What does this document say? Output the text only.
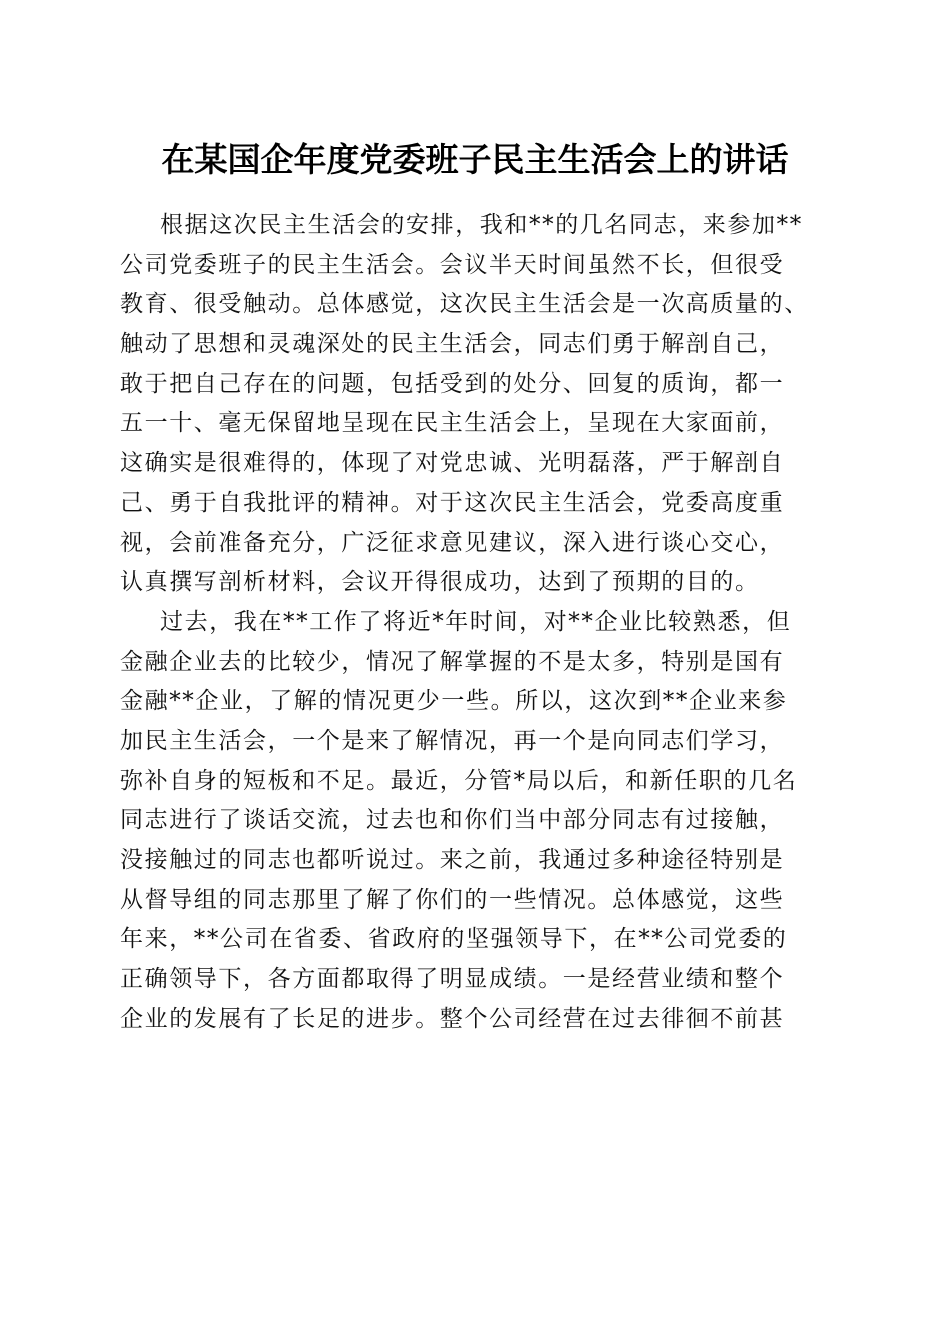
在某国企年度党委班子民主生活会上的讲话
根据这次民主生活会的安排，我和**的几名同志，来参加**
公司党委班子的民主生活会。会议半天时间虽然不长，但很受
教育、很受触动。总体感觉，这次民主生活会是一次高质量的、
触动了思想和灵魂深处的民主生活会，同志们勇于解剖自己，
敢于把自己存在的问题，包括受到的处分、回复的质询，都一
五一十、毫无保留地呈现在民主生活会上，呈现在大家面前，
这确实是很难得的，体现了对党忠诚、光明磊落，严于解剖自
己、勇于自我批评的精神。对于这次民主生活会，党委高度重
视，会前准备充分，广泛征求意见建议，深入进行谈心交心，
认真撰写剖析材料，会议开得很成功，达到了预期的目的。
过去，我在**工作了将近*年时间，对**企业比较熟悉，但
金融企业去的比较少，情况了解掌握的不是太多，特别是国有
金融**企业，了解的情况更少一些。所以，这次到**企业来参
加民主生活会，一个是来了解情况，再一个是向同志们学习，
弥补自身的短板和不足。最近，分管*局以后，和新任职的几名
同志进行了谈话交流，过去也和你们当中部分同志有过接触，
没接触过的同志也都听说过。来之前，我通过多种途径特别是
从督导组的同志那里了解了你们的一些情况。总体感觉，这些
年来，**公司在省委、省政府的坚强领导下，在**公司党委的
正确领导下，各方面都取得了明显成绩。一是经营业绩和整个
企业的发展有了长足的进步。整个公司经营在过去徘徊不前甚
